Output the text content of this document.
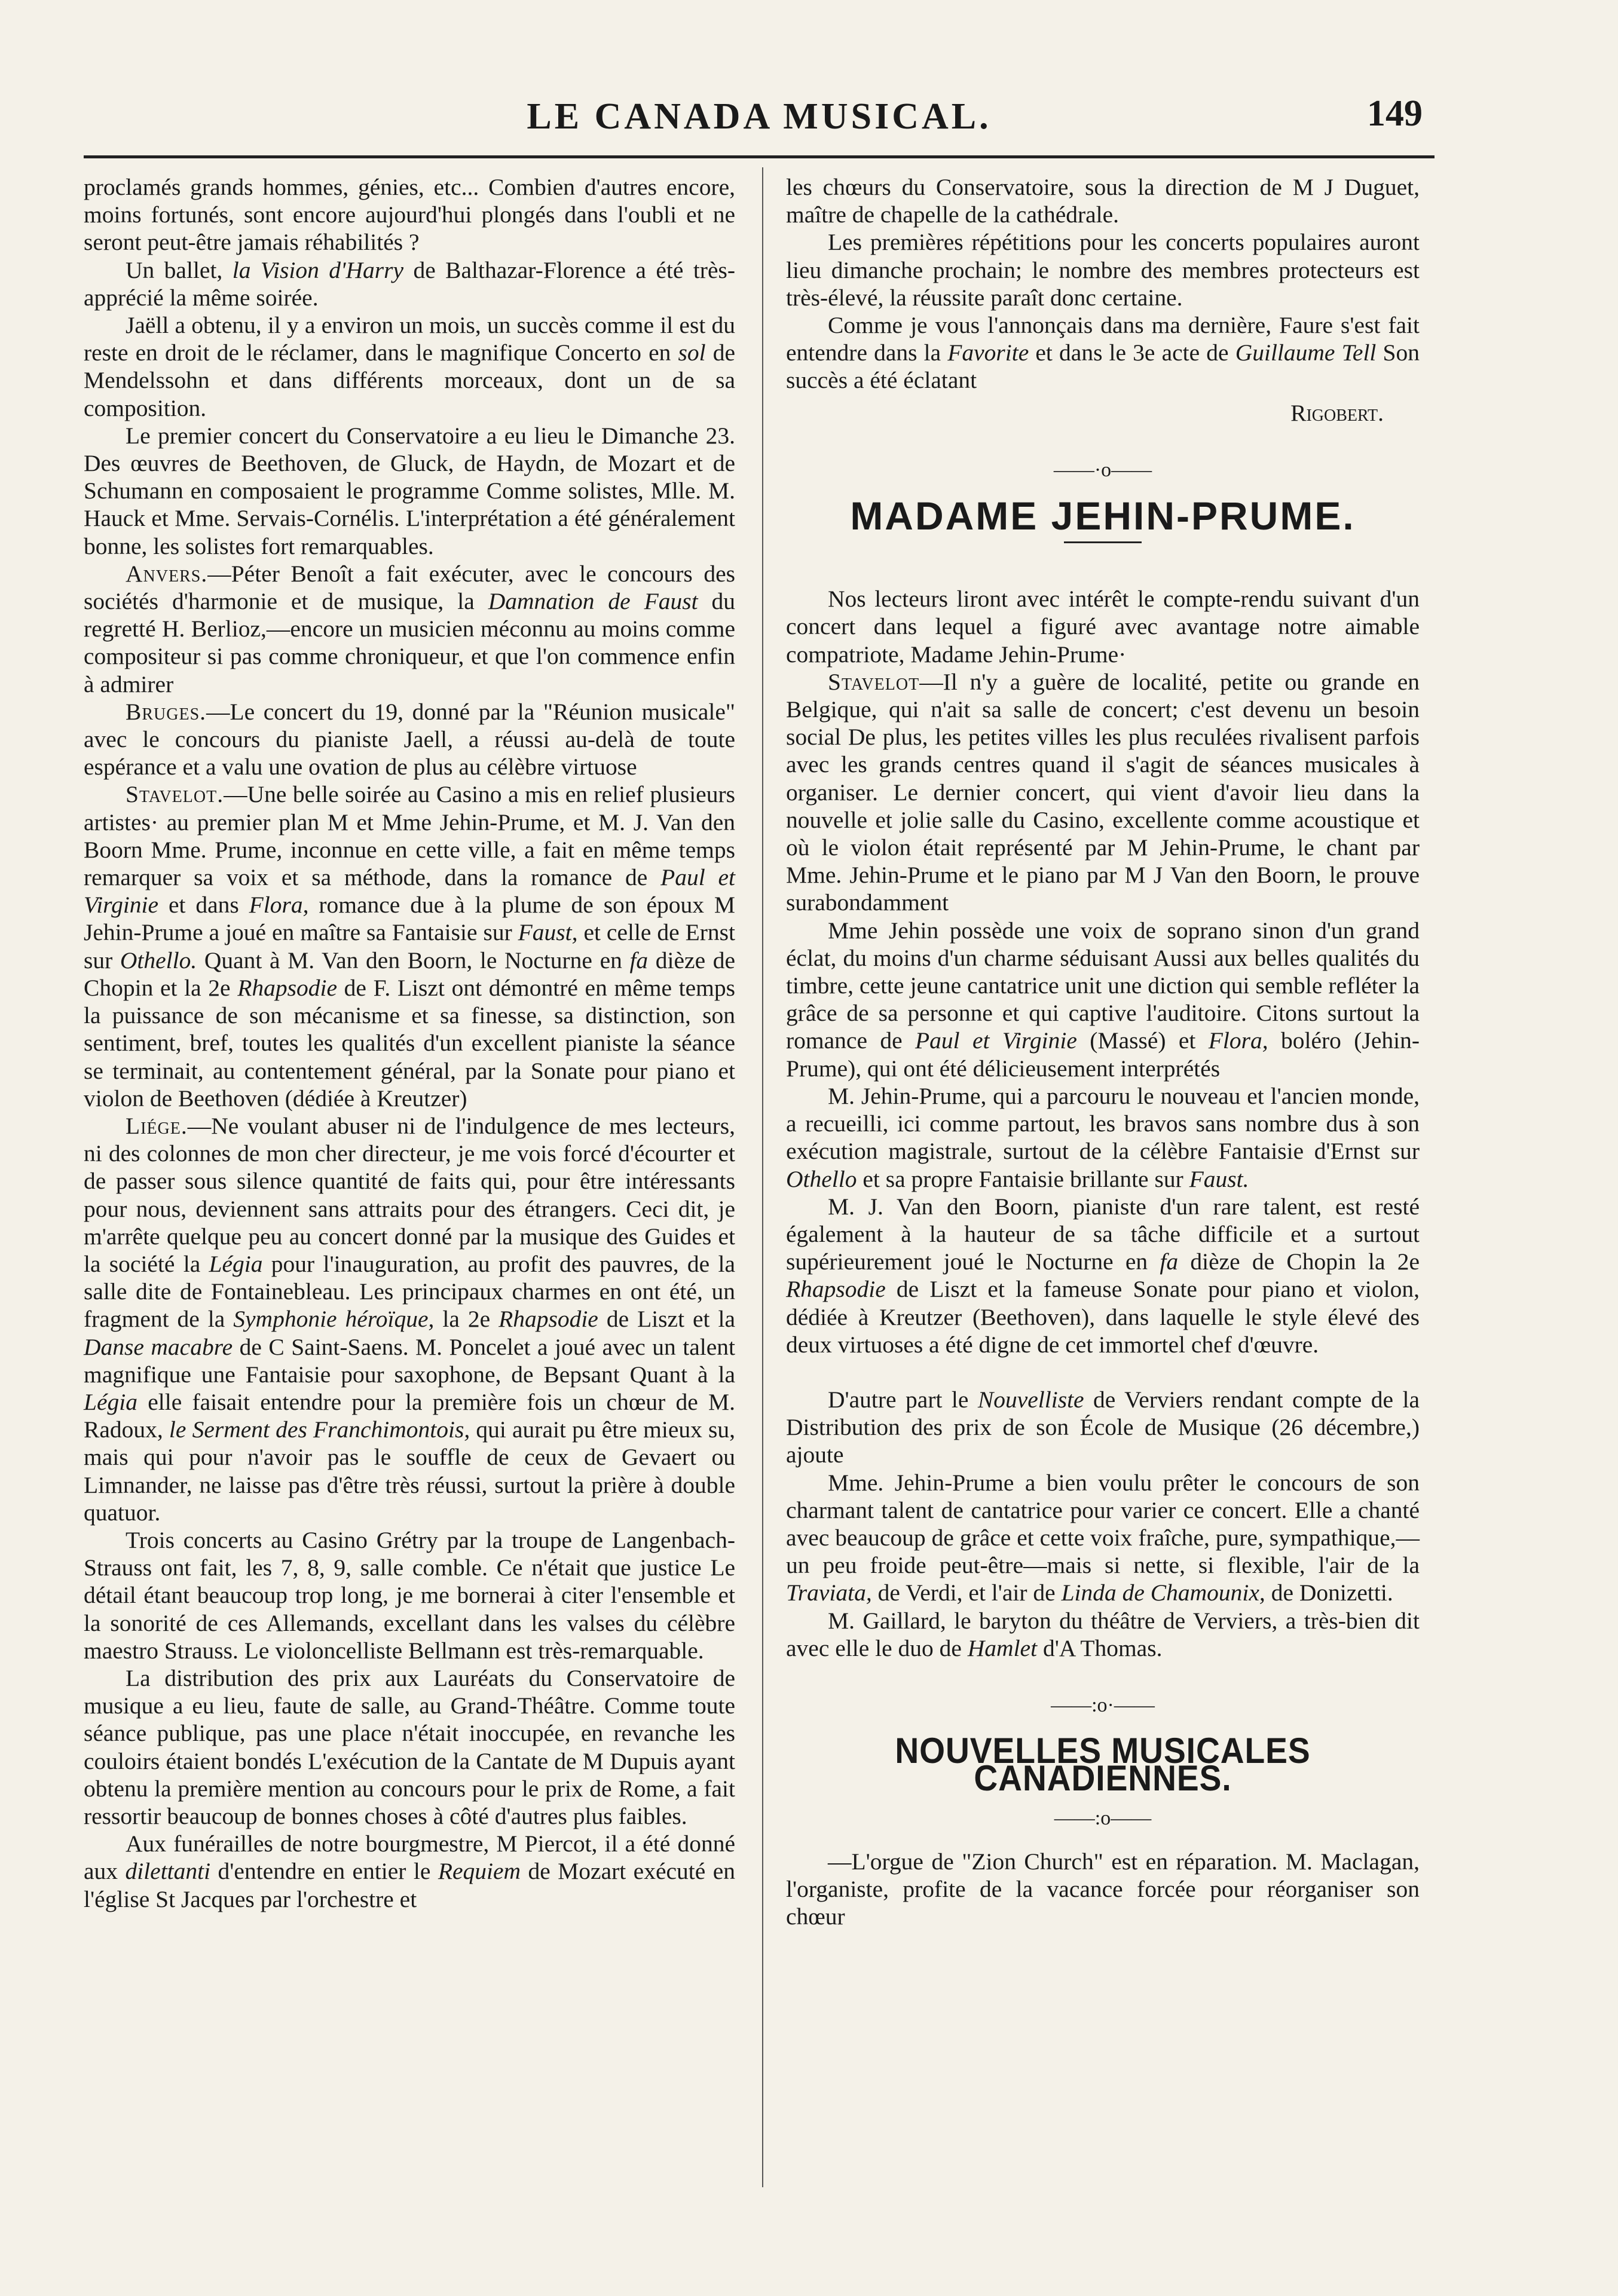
LE CANADA MUSICAL.	149

proclamés grands hommes, génies, etc... Combien d'autres encore, moins fortunés, sont encore aujourd'hui plongés dans l'oubli et ne seront peut-être jamais réhabilités ?

Un ballet, la Vision d'Harry de Balthazar-Florence a été très-apprécié la même soirée.

Jaëll a obtenu, il y a environ un mois, un succès comme il est du reste en droit de le réclamer, dans le magnifique Concerto en sol de Mendelssohn et dans différents morceaux, dont un de sa composition.

Le premier concert du Conservatoire a eu lieu le Dimanche 23. Des œuvres de Beethoven, de Gluck, de Haydn, de Mozart et de Schumann en composaient le programme Comme solistes, Mlle. M. Hauck et Mme. Servais-Cornélis. L'interprétation a été généralement bonne, les solistes fort remarquables.

Anvers.—Péter Benoît a fait exécuter, avec le concours des sociétés d'harmonie et de musique, la Damnation de Faust du regretté H. Berlioz,—encore un musicien méconnu au moins comme compositeur si pas comme chroniqueur, et que l'on commence enfin à admirer

Bruges.—Le concert du 19, donné par la "Réunion musicale" avec le concours du pianiste Jaell, a réussi au-delà de toute espérance et a valu une ovation de plus au célèbre virtuose

Stavelot.—Une belle soirée au Casino a mis en relief plusieurs artistes· au premier plan M et Mme Jehin-Prume, et M. J. Van den Boorn Mme. Prume, inconnue en cette ville, a fait en même temps remarquer sa voix et sa méthode, dans la romance de Paul et Virginie et dans Flora, romance due à la plume de son époux M Jehin-Prume a joué en maître sa Fantaisie sur Faust, et celle de Ernst sur Othello. Quant à M. Van den Boorn, le Nocturne en fa dièze de Chopin et la 2e Rhapsodie de F. Liszt ont démontré en même temps la puissance de son mécanisme et sa finesse, sa distinction, son sentiment, bref, toutes les qualités d'un excellent pianiste la séance se terminait, au contentement général, par la Sonate pour piano et violon de Beethoven (dédiée à Kreutzer)

Liége.—Ne voulant abuser ni de l'indulgence de mes lecteurs, ni des colonnes de mon cher directeur, je me vois forcé d'écourter et de passer sous silence quantité de faits qui, pour être intéressants pour nous, deviennent sans attraits pour des étrangers. Ceci dit, je m'arrête quelque peu au concert donné par la musique des Guides et la société la Légia pour l'inauguration, au profit des pauvres, de la salle dite de Fontainebleau. Les principaux charmes en ont été, un fragment de la Symphonie héroïque, la 2e Rhapsodie de Liszt et la Danse macabre de C Saint-Saens. M. Poncelet a joué avec un talent magnifique une Fantaisie pour saxophone, de Bepsant Quant à la Légia elle faisait entendre pour la première fois un chœur de M. Radoux, le Serment des Franchimontois, qui aurait pu être mieux su, mais qui pour n'avoir pas le souffle de ceux de Gevaert ou Limnander, ne laisse pas d'être très réussi, surtout la prière à double quatuor.

Trois concerts au Casino Grétry par la troupe de Langenbach-Strauss ont fait, les 7, 8, 9, salle comble. Ce n'était que justice Le détail étant beaucoup trop long, je me bornerai à citer l'ensemble et la sonorité de ces Allemands, excellant dans les valses du célèbre maestro Strauss. Le violoncelliste Bellmann est très-remarquable.

La distribution des prix aux Lauréats du Conservatoire de musique a eu lieu, faute de salle, au Grand-Théâtre. Comme toute séance publique, pas une place n'était inoccupée, en revanche les couloirs étaient bondés L'exécution de la Cantate de M Dupuis ayant obtenu la première mention au concours pour le prix de Rome, a fait ressortir beaucoup de bonnes choses à côté d'autres plus faibles.

Aux funérailles de notre bourgmestre, M Piercot, il a été donné aux dilettanti d'entendre en entier le Requiem de Mozart exécuté en l'église St Jacques par l'orchestre et

les chœurs du Conservatoire, sous la direction de M J Duguet, maître de chapelle de la cathédrale.

Les premières répétitions pour les concerts populaires auront lieu dimanche prochain; le nombre des membres protecteurs est très-élevé, la réussite paraît donc certaine.

Comme je vous l'annonçais dans ma dernière, Faure s'est fait entendre dans la Favorite et dans le 3e acte de Guillaume Tell Son succès a été éclatant

Rigobert.

——·o——

MADAME JEHIN-PRUME.

Nos lecteurs liront avec intérêt le compte-rendu suivant d'un concert dans lequel a figuré avec avantage notre aimable compatriote, Madame Jehin-Prume·

Stavelot—Il n'y a guère de localité, petite ou grande en Belgique, qui n'ait sa salle de concert; c'est devenu un besoin social De plus, les petites villes les plus reculées rivalisent parfois avec les grands centres quand il s'agit de séances musicales à organiser. Le dernier concert, qui vient d'avoir lieu dans la nouvelle et jolie salle du Casino, excellente comme acoustique et où le violon était représenté par M Jehin-Prume, le chant par Mme. Jehin-Prume et le piano par M J Van den Boorn, le prouve surabondamment

Mme Jehin possède une voix de soprano sinon d'un grand éclat, du moins d'un charme séduisant Aussi aux belles qualités du timbre, cette jeune cantatrice unit une diction qui semble refléter la grâce de sa personne et qui captive l'auditoire. Citons surtout la romance de Paul et Virginie (Massé) et Flora, boléro (Jehin-Prume), qui ont été délicieusement interprétés

M. Jehin-Prume, qui a parcouru le nouveau et l'ancien monde, a recueilli, ici comme partout, les bravos sans nombre dus à son exécution magistrale, surtout de la célèbre Fantaisie d'Ernst sur Othello et sa propre Fantaisie brillante sur Faust.

M. J. Van den Boorn, pianiste d'un rare talent, est resté également à la hauteur de sa tâche difficile et a surtout supérieurement joué le Nocturne en fa dièze de Chopin la 2e Rhapsodie de Liszt et la fameuse Sonate pour piano et violon, dédiée à Kreutzer (Beethoven), dans laquelle le style élevé des deux virtuoses a été digne de cet immortel chef d'œuvre.

D'autre part le Nouvelliste de Verviers rendant compte de la Distribution des prix de son École de Musique (26 décembre,) ajoute

Mme. Jehin-Prume a bien voulu prêter le concours de son charmant talent de cantatrice pour varier ce concert. Elle a chanté avec beaucoup de grâce et cette voix fraîche, pure, sympathique,—un peu froide peut-être—mais si nette, si flexible, l'air de la Traviata, de Verdi, et l'air de Linda de Chamounix, de Donizetti.

M. Gaillard, le baryton du théâtre de Verviers, a très-bien dit avec elle le duo de Hamlet d'A Thomas.

——:o·——

NOUVELLES MUSICALES CANADIENNES.

——:o——

—L'orgue de "Zion Church" est en réparation. M. Maclagan, l'organiste, profite de la vacance forcée pour réorganiser son chœur
